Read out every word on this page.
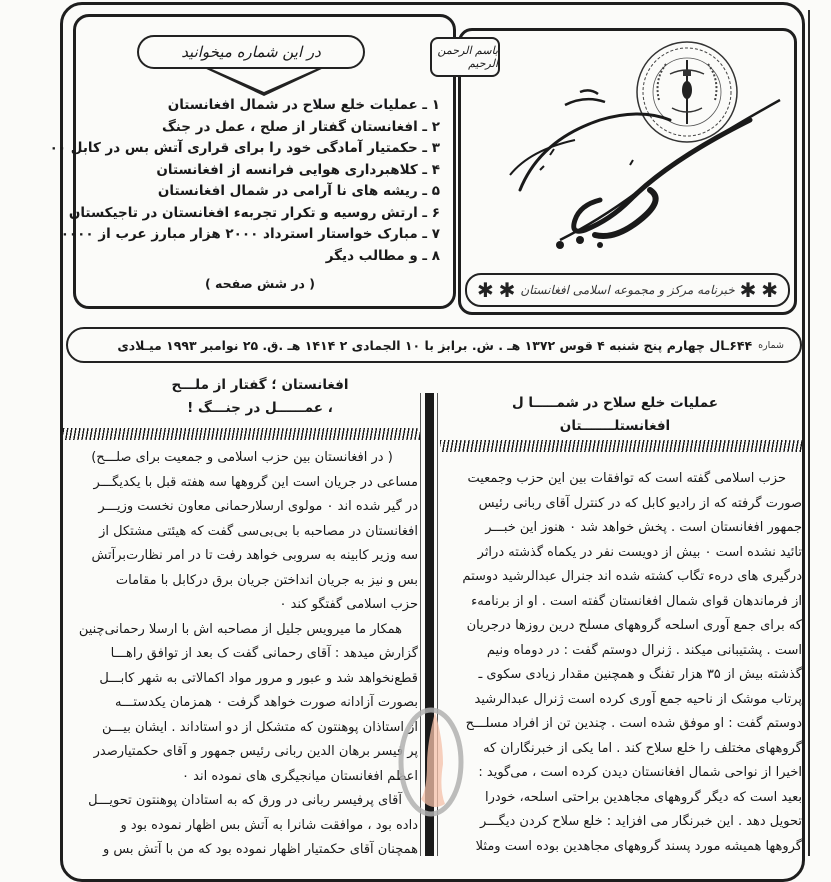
در این شماره میخوانید
۱ ـ عملیات خلع سلاح در شمال افغانستان
۲ ـ افغانستان گفتار از صلح ، عمل در جنگ
۳ ـ حکمتیار آمادگی خود را برای قراری آتش بس در کابل ۰۰
۴ ـ کلاهبرداری هوایی فرانسه از افغانستان
۵ ـ ریشه های نا آرامی در شمال افغانستان
۶ ـ ارتش روسیه و تکرار تجربهء افغانستان در تاجیکستان
۷ ـ مبارک خواستار استرداد ۲۰۰۰ هزار مبارز عرب از ۰۰۰۰
۸ ـ و مطالب دیگر
( در شش صفحه )
باسم الرحمن الرحیم
✱
✱
خبرنامه مرکز و مجموعه اسلامی افغانستان
✱
✱
شماره
۶۴۴ـال چهارم پنج شنبه ۴ قوس ۱۳۷۲ هـ . ش. برابز با ۱۰ الجمادی ۲ ۱۴۱۴ هـ .ق. ۲۵ نوامبر ۱۹۹۳ میـلادی
افغانستان ؛ گفتار از ملـــح
، عمــــــل در جنـــگ !

( در افغانستان بین حزب اسلامی و جمعیت برای صلـــح)

مساعی در جریان است این گروهها سه هفته قبل با یکدیگـــر

در گیر شده اند ۰ مولوی ارسلارحمانی معاون نخست وزیـــر

افغانستان در مصاحبه با بی‌بی‌سی گفت که هیئتی مشتکل از

سه وزیر کابینه به سروبی خواهد رفت تا در امر نظارت‌برآتش

بس و نیز به جریان انداختن جریان برق درکابل با مقامات

حزب اسلامی گفتگو کند ۰

همکار ما میرویس جلیل از مصاحبه اش با ارسلا رحمانی‌چنین

گزارش میدهد : آقای رحمانی گفت ک بعد از توافق راهـــا

قطع‌نخواهد شد و عبور و مرور مواد اکمالاتی به شهر کابـــل

بصورت آزادانه صورت خواهد گرفت ۰ همزمان یکدستـــه

از استاذان پوهنتون که متشکل از دو استاداند . ایشان بیـــن

پر فیسر برهان الدین ربانی رئیس جمهور و آقای حکمتیارصدر

اعظم افغانستان میانجیگری های نموده اند ۰

آقای پرفیسر ربانی در ورق که به استادان پوهنتون تحویـــل

داده بود ، موافقت شانرا به آتش بس اظهار نموده بود و

همچنان آقای حکمتیار اظهار نموده بود که من با آتش بس و

عملیات خلع سلاح در شمـــــا ل
افغانستلـــــــتان

حزب اسلامی گفته است که توافقات بین این حزب وجمعیت

صورت گرفته که از رادیو کابل که در کنترل آقای ربانی رئیس

جمهور افغانستان است . پخش خواهد شد ۰ هنوز این خبـــر

تائید نشده است ۰ بیش از دویست نفر در یکماه گذشته دراثر

درگیری های درهء تگاب کشته شده اند جنرال عبدالرشید دوستم

از فرماندهان قوای شمال افغانستان گفته است . او از برنامهء

که برای جمع آوری اسلحه گروههای مسلح درین روزها درجریان

است . پشتیبانی میکند . ژنرال دوستم گفت : در دوماه ونیم

گذشته بیش از ۳۵ هزار تفنگ و همچنین مقدار زیادی سکوی ـ

پرتاب موشک از ناحیه جمع آوری کرده است ژنرال عبدالرشید

دوستم گفت : او موفق شده است . چندین تن از افراد مسلـــح

گروههای مختلف را خلع سلاح کند . اما یکی از خبرنگاران که

اخیرا از نواحی شمال افغانستان دیدن کرده است ، می‌گوید :

بعید است که دیگر گروههای مجاهدین براحتی اسلحه، خودرا

تحویل دهد . این خبرنگار می افزاید : خلع سلاح کردن دیگـــر

گروهها همیشه مورد پسند گروههای مجاهدین بوده است ومثلا
